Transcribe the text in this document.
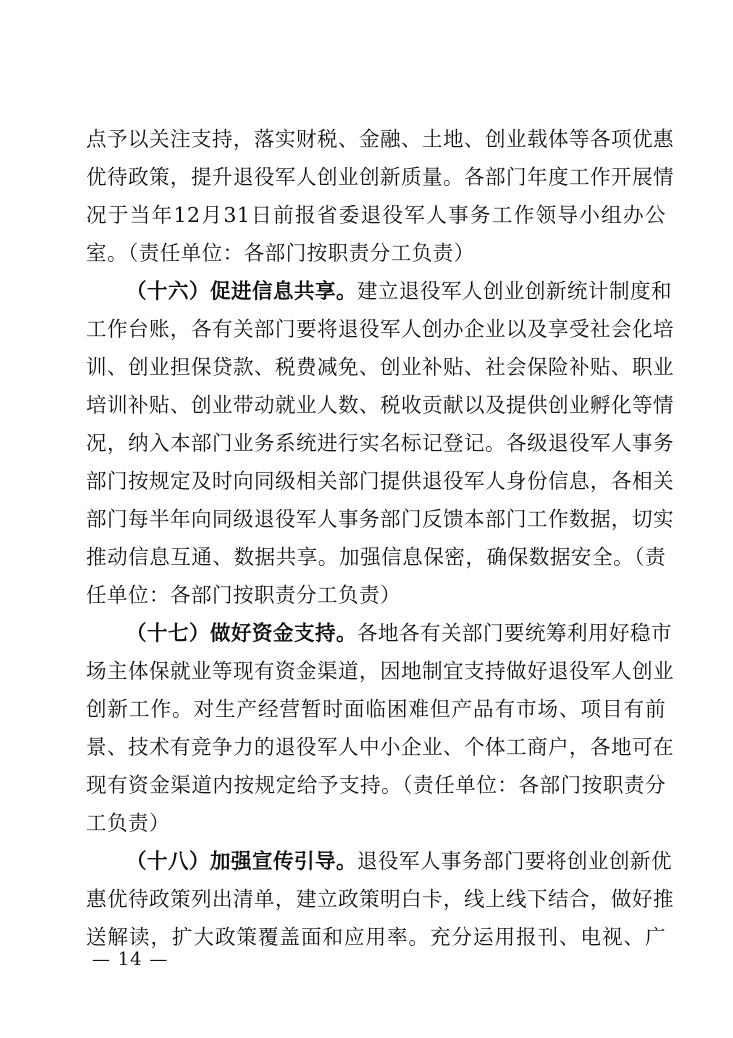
点予以关注支持，落实财税、金融、土地、创业载体等各项优惠
优待政策，提升退役军人创业创新质量。各部门年度工作开展情
况于当年12月31日前报省委退役军人事务工作领导小组办公
室。（责任单位：各部门按职责分工负责）
（十六）促进信息共享。建立退役军人创业创新统计制度和
工作台账，各有关部门要将退役军人创办企业以及享受社会化培
训、创业担保贷款、税费减免、创业补贴、社会保险补贴、职业
培训补贴、创业带动就业人数、税收贡献以及提供创业孵化等情
况，纳入本部门业务系统进行实名标记登记。各级退役军人事务
部门按规定及时向同级相关部门提供退役军人身份信息，各相关
部门每半年向同级退役军人事务部门反馈本部门工作数据，切实
推动信息互通、数据共享。加强信息保密，确保数据安全。（责
任单位：各部门按职责分工负责）
（十七）做好资金支持。各地各有关部门要统筹利用好稳市
场主体保就业等现有资金渠道，因地制宜支持做好退役军人创业
创新工作。对生产经营暂时面临困难但产品有市场、项目有前
景、技术有竞争力的退役军人中小企业、个体工商户，各地可在
现有资金渠道内按规定给予支持。（责任单位：各部门按职责分
工负责）
（十八）加强宣传引导。退役军人事务部门要将创业创新优
惠优待政策列出清单，建立政策明白卡，线上线下结合，做好推
送解读，扩大政策覆盖面和应用率。充分运用报刊、电视、广
— 14 —
